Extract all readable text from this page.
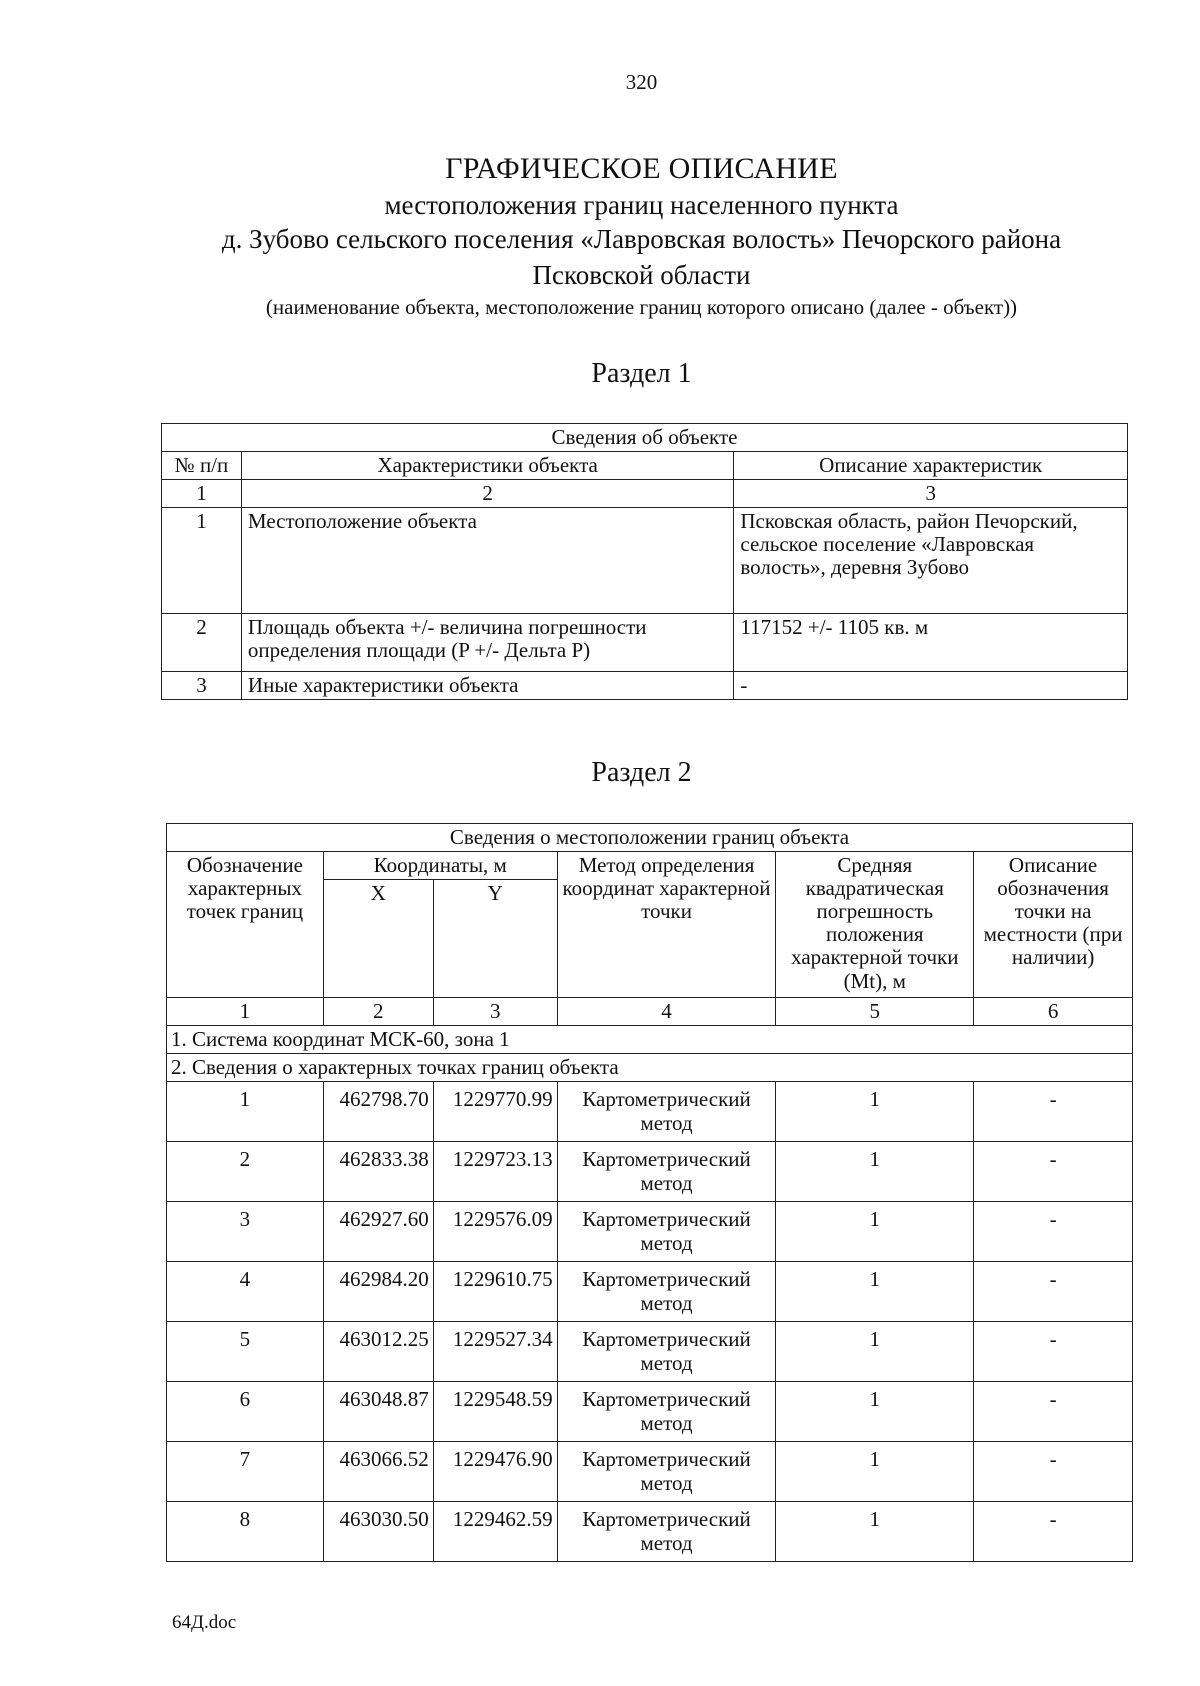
320
ГРАФИЧЕСКОЕ ОПИСАНИЕ
местоположения границ населенного пункта
д. Зубово сельского поселения «Лавровская волость» Печорского района
Псковской области
(наименование объекта, местоположение границ которого описано (далее - объект))
Раздел 1
Сведения об объекте		
№ п/п	Характеристики объекта	Описание характеристик
1	2	3
1	Местоположение объекта	Псковская область, район Печорский, сельское поселение «Лавровская волость», деревня Зубово
2	Площадь объекта +/- величина погрешности определения площади (P +/- Дельта P)	117152 +/- 1105 кв. м
3	Иные характеристики объекта	-
Раздел 2
Сведения о местоположении границ объекта					
Обозначение характерных точек границ	Координаты, м		Метод определения координат характерной точки	Средняя квадратическая погрешность положения характерной точки (Mt), м	Описание обозначения точки на местности (при наличии)
	X	Y			
1	2	3	4	5	6
1. Система координат МСК-60, зона 1					
2. Сведения о характерных точках границ объекта					
1	462798.70	1229770.99	Картометрический метод	1	-
2	462833.38	1229723.13	Картометрический метод	1	-
3	462927.60	1229576.09	Картометрический метод	1	-
4	462984.20	1229610.75	Картометрический метод	1	-
5	463012.25	1229527.34	Картометрический метод	1	-
6	463048.87	1229548.59	Картометрический метод	1	-
7	463066.52	1229476.90	Картометрический метод	1	-
8	463030.50	1229462.59	Картометрический метод	1	-
64Д.doc
